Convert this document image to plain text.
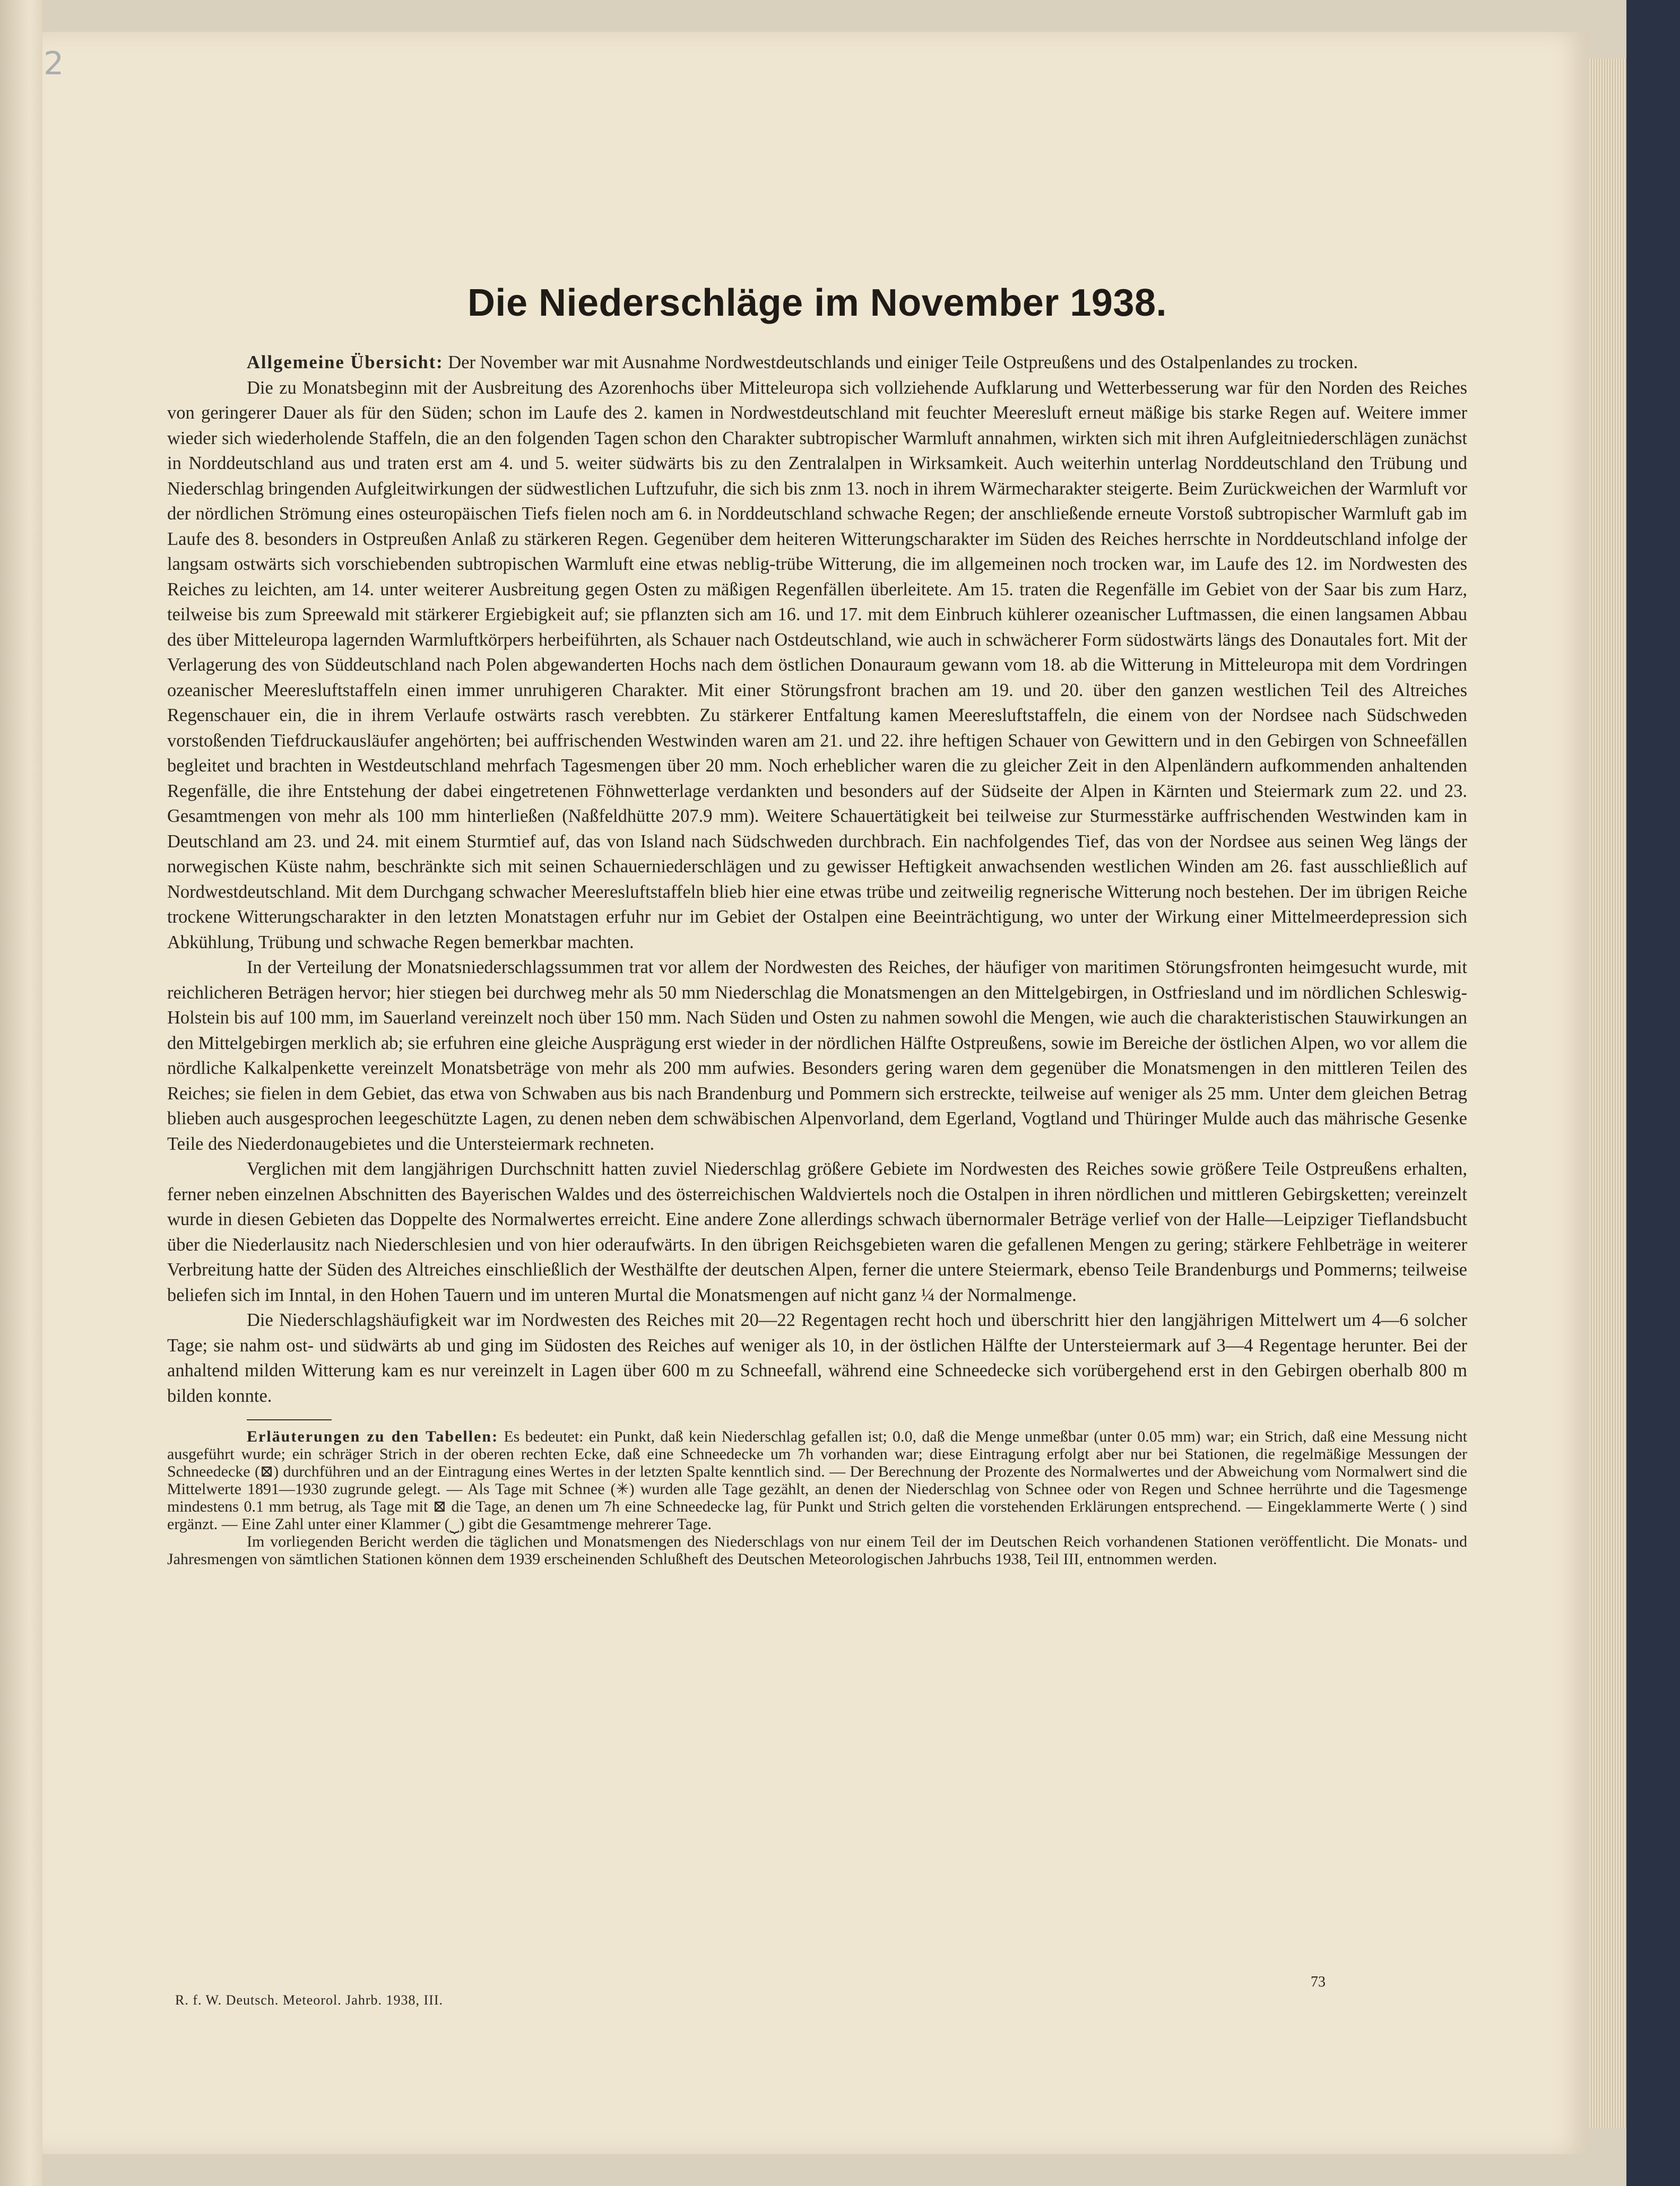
2
Die Niederschläge im November 1938.

Allgemeine Übersicht: Der November war mit Ausnahme Nordwestdeutschlands und einiger Teile Ostpreußens und des Ostalpenlandes zu trocken.

Die zu Monatsbeginn mit der Ausbreitung des Azorenhochs über Mitteleuropa sich vollziehende Aufklarung und Wetterbesserung war für den Norden des Reiches von geringerer Dauer als für den Süden; schon im Laufe des 2. kamen in Nordwestdeutschland mit feuchter Meeresluft erneut mäßige bis starke Regen auf. Weitere immer wieder sich wiederholende Staffeln, die an den folgenden Tagen schon den Charakter subtropischer Warmluft annahmen, wirkten sich mit ihren Aufgleitniederschlägen zunächst in Norddeutschland aus und traten erst am 4. und 5. weiter südwärts bis zu den Zentralalpen in Wirksamkeit. Auch weiterhin unterlag Norddeutschland den Trübung und Niederschlag bringenden Aufgleitwirkungen der südwestlichen Luftzufuhr, die sich bis znm 13. noch in ihrem Wärmecharakter steigerte. Beim Zurückweichen der Warmluft vor der nördlichen Strömung eines osteuropäischen Tiefs fielen noch am 6. in Norddeutschland schwache Regen; der anschließende erneute Vorstoß subtropischer Warmluft gab im Laufe des 8. besonders in Ostpreußen Anlaß zu stärkeren Regen. Gegenüber dem heiteren Witterungscharakter im Süden des Reiches herrschte in Norddeutschland infolge der langsam ostwärts sich vorschiebenden subtropischen Warmluft eine etwas neblig-trübe Witterung, die im allgemeinen noch trocken war, im Laufe des 12. im Nordwesten des Reiches zu leichten, am 14. unter weiterer Ausbreitung gegen Osten zu mäßigen Regenfällen überleitete. Am 15. traten die Regenfälle im Gebiet von der Saar bis zum Harz, teilweise bis zum Spreewald mit stärkerer Ergiebigkeit auf; sie pflanzten sich am 16. und 17. mit dem Einbruch kühlerer ozeanischer Luftmassen, die einen langsamen Abbau des über Mitteleuropa lagernden Warmluftkörpers herbeiführten, als Schauer nach Ostdeutschland, wie auch in schwächerer Form südostwärts längs des Donautales fort. Mit der Verlagerung des von Süddeutschland nach Polen abgewanderten Hochs nach dem östlichen Donauraum gewann vom 18. ab die Witterung in Mitteleuropa mit dem Vordringen ozeanischer Meeresluftstaffeln einen immer unruhigeren Charakter. Mit einer Störungsfront brachen am 19. und 20. über den ganzen westlichen Teil des Altreiches Regenschauer ein, die in ihrem Verlaufe ostwärts rasch verebbten. Zu stärkerer Entfaltung kamen Meeresluftstaffeln, die einem von der Nordsee nach Südschweden vorstoßenden Tiefdruckausläufer angehörten; bei auffrischenden Westwinden waren am 21. und 22. ihre heftigen Schauer von Gewittern und in den Gebirgen von Schneefällen begleitet und brachten in Westdeutschland mehrfach Tagesmengen über 20 mm. Noch erheblicher waren die zu gleicher Zeit in den Alpenländern aufkommenden anhaltenden Regenfälle, die ihre Entstehung der dabei eingetretenen Föhnwetterlage verdankten und besonders auf der Südseite der Alpen in Kärnten und Steiermark zum 22. und 23. Gesamtmengen von mehr als 100 mm hinterließen (Naßfeldhütte 207.9 mm). Weitere Schauertätigkeit bei teilweise zur Sturmesstärke auffrischenden Westwinden kam in Deutschland am 23. und 24. mit einem Sturmtief auf, das von Island nach Südschweden durchbrach. Ein nachfolgendes Tief, das von der Nordsee aus seinen Weg längs der norwegischen Küste nahm, beschränkte sich mit seinen Schauerniederschlägen und zu gewisser Heftigkeit anwachsenden westlichen Winden am 26. fast ausschließlich auf Nordwestdeutschland. Mit dem Durchgang schwacher Meeresluftstaffeln blieb hier eine etwas trübe und zeitweilig regnerische Witterung noch bestehen. Der im übrigen Reiche trockene Witterungscharakter in den letzten Monatstagen erfuhr nur im Gebiet der Ostalpen eine Beeinträchtigung, wo unter der Wirkung einer Mittelmeerdepression sich Abkühlung, Trübung und schwache Regen bemerkbar machten.

In der Verteilung der Monatsniederschlagssummen trat vor allem der Nordwesten des Reiches, der häufiger von maritimen Störungsfronten heimgesucht wurde, mit reichlicheren Beträgen hervor; hier stiegen bei durchweg mehr als 50 mm Niederschlag die Monatsmengen an den Mittelgebirgen, in Ostfriesland und im nördlichen Schleswig-Holstein bis auf 100 mm, im Sauerland vereinzelt noch über 150 mm. Nach Süden und Osten zu nahmen sowohl die Mengen, wie auch die charakteristischen Stauwirkungen an den Mittelgebirgen merklich ab; sie erfuhren eine gleiche Ausprägung erst wieder in der nördlichen Hälfte Ostpreußens, sowie im Bereiche der östlichen Alpen, wo vor allem die nördliche Kalkalpenkette vereinzelt Monatsbeträge von mehr als 200 mm aufwies. Besonders gering waren dem gegenüber die Monatsmengen in den mittleren Teilen des Reiches; sie fielen in dem Gebiet, das etwa von Schwaben aus bis nach Brandenburg und Pommern sich erstreckte, teilweise auf weniger als 25 mm. Unter dem gleichen Betrag blieben auch ausgesprochen leegeschützte Lagen, zu denen neben dem schwäbischen Alpenvorland, dem Egerland, Vogtland und Thüringer Mulde auch das mährische Gesenke Teile des Niederdonaugebietes und die Untersteiermark rechneten.

Verglichen mit dem langjährigen Durchschnitt hatten zuviel Niederschlag größere Gebiete im Nordwesten des Reiches sowie größere Teile Ostpreußens erhalten, ferner neben einzelnen Abschnitten des Bayerischen Waldes und des österreichischen Waldviertels noch die Ostalpen in ihren nördlichen und mittleren Gebirgsketten; vereinzelt wurde in diesen Gebieten das Doppelte des Normalwertes erreicht. Eine andere Zone allerdings schwach übernormaler Beträge verlief von der Halle—Leipziger Tieflandsbucht über die Niederlausitz nach Niederschlesien und von hier oderaufwärts. In den übrigen Reichsgebieten waren die gefallenen Mengen zu gering; stärkere Fehlbeträge in weiterer Verbreitung hatte der Süden des Altreiches einschließlich der Westhälfte der deutschen Alpen, ferner die untere Steiermark, ebenso Teile Brandenburgs und Pommerns; teilweise beliefen sich im Inntal, in den Hohen Tauern und im unteren Murtal die Monatsmengen auf nicht ganz ¼ der Normalmenge.

Die Niederschlagshäufigkeit war im Nordwesten des Reiches mit 20—22 Regentagen recht hoch und überschritt hier den langjährigen Mittelwert um 4—6 solcher Tage; sie nahm ost- und südwärts ab und ging im Südosten des Reiches auf weniger als 10, in der östlichen Hälfte der Untersteiermark auf 3—4 Regentage herunter. Bei der anhaltend milden Witterung kam es nur vereinzelt in Lagen über 600 m zu Schneefall, während eine Schneedecke sich vorübergehend erst in den Gebirgen oberhalb 800 m bilden konnte.

Erläuterungen zu den Tabellen: Es bedeutet: ein Punkt, daß kein Niederschlag gefallen ist; 0.0, daß die Menge unmeßbar (unter 0.05 mm) war; ein Strich, daß eine Messung nicht ausgeführt wurde; ein schräger Strich in der oberen rechten Ecke, daß eine Schneedecke um 7h vorhanden war; diese Eintragung erfolgt aber nur bei Stationen, die regelmäßige Messungen der Schneedecke (⊠) durchführen und an der Eintragung eines Wertes in der letzten Spalte kenntlich sind. — Der Berechnung der Prozente des Normalwertes und der Abweichung vom Normalwert sind die Mittelwerte 1891—1930 zugrunde gelegt. — Als Tage mit Schnee (✳) wurden alle Tage gezählt, an denen der Niederschlag von Schnee oder von Regen und Schnee herrührte und die Tagesmenge mindestens 0.1 mm betrug, als Tage mit ⊠ die Tage, an denen um 7h eine Schneedecke lag, für Punkt und Strich gelten die vorstehenden Erklärungen entsprechend. — Eingeklammerte Werte ( ) sind ergänzt. — Eine Zahl unter einer Klammer (⏟) gibt die Gesamtmenge mehrerer Tage.

Im vorliegenden Bericht werden die täglichen und Monatsmengen des Niederschlags von nur einem Teil der im Deutschen Reich vorhandenen Stationen veröffentlicht. Die Monats- und Jahresmengen von sämtlichen Stationen können dem 1939 erscheinenden Schlußheft des Deutschen Meteorologischen Jahrbuchs 1938, Teil III, entnommen werden.

R. f. W. Deutsch. Meteorol. Jahrb. 1938, III.
73
